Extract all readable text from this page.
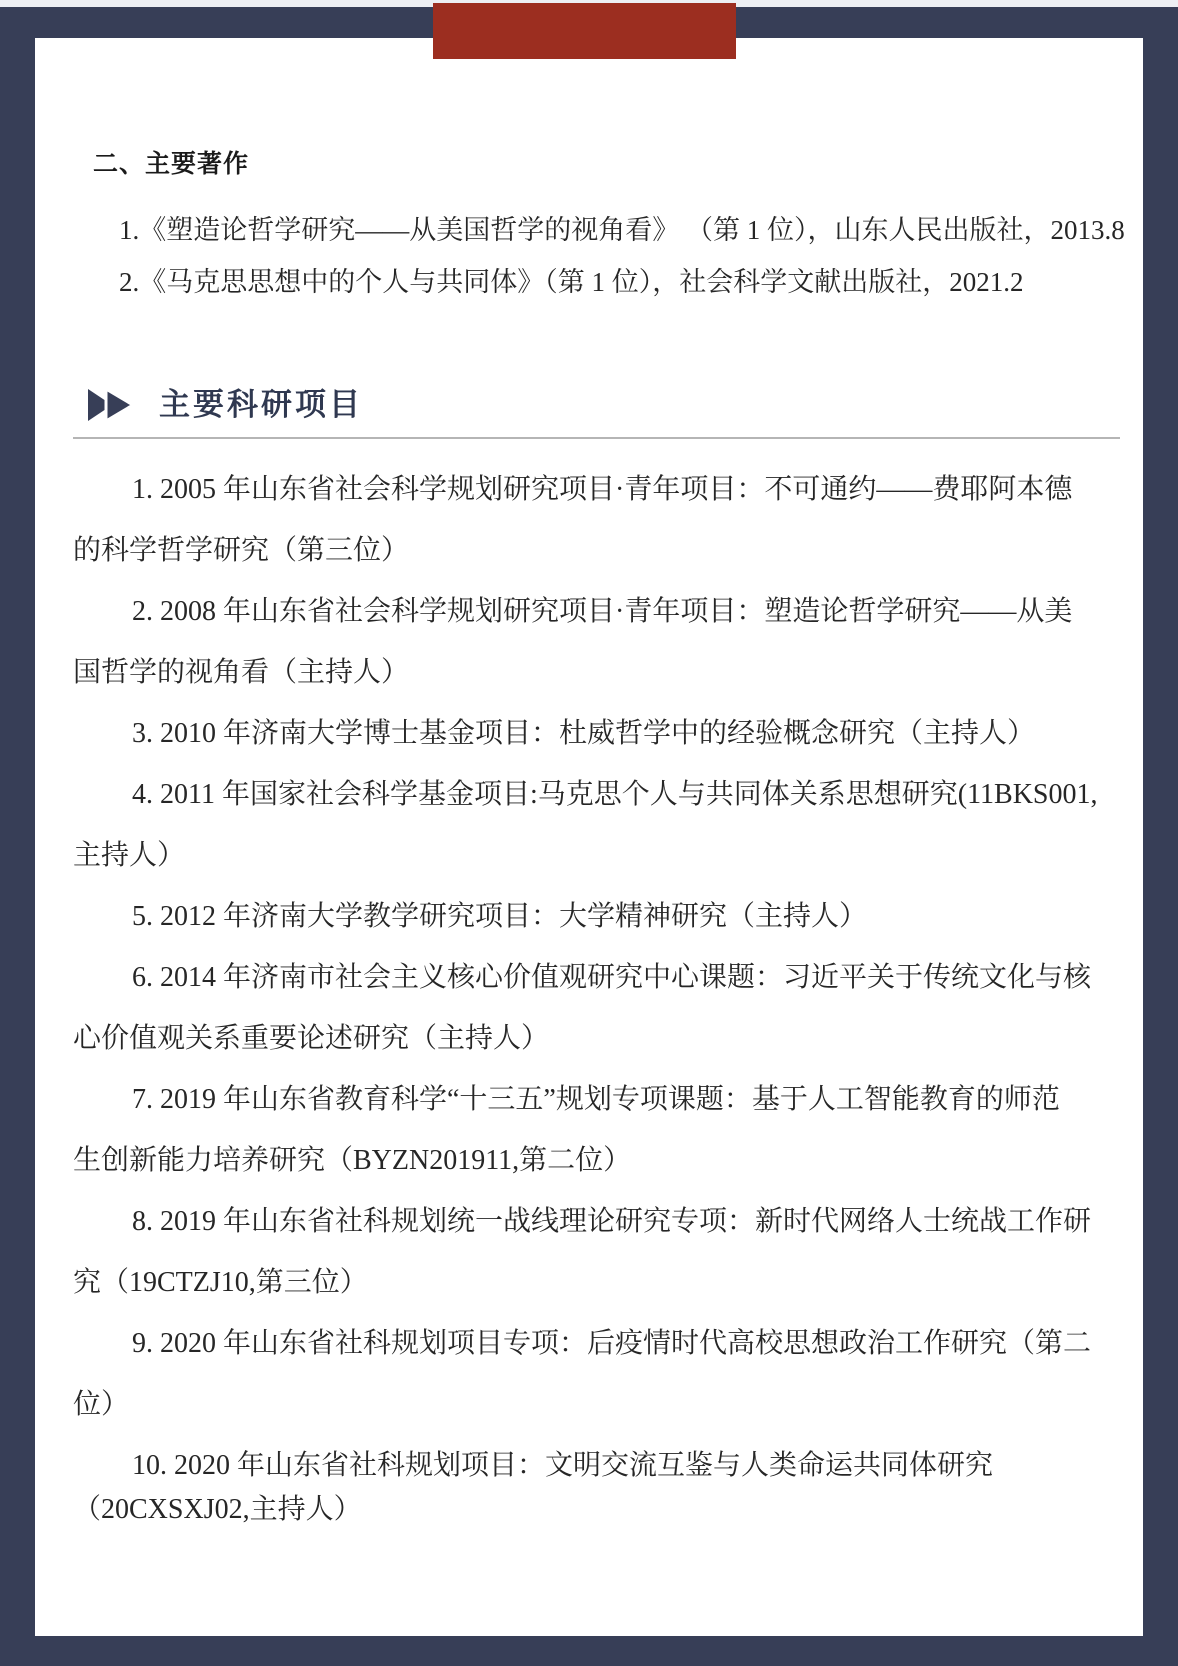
二、主要著作
1.《塑造论哲学研究——从美国哲学的视角看》 （第 1 位），山东人民出版社，2013.8
2.《马克思思想中的个人与共同体》（第 1 位），社会科学文献出版社，2021.2
主要科研项目
1. 2005 年山东省社会科学规划研究项目·青年项目：不可通约——费耶阿本德
的科学哲学研究（第三位）
2. 2008 年山东省社会科学规划研究项目·青年项目：塑造论哲学研究——从美
国哲学的视角看（主持人）
3. 2010 年济南大学博士基金项目：杜威哲学中的经验概念研究（主持人）
4. 2011 年国家社会科学基金项目:马克思个人与共同体关系思想研究(11BKS001,
主持人）
5. 2012 年济南大学教学研究项目：大学精神研究（主持人）
6. 2014 年济南市社会主义核心价值观研究中心课题：习近平关于传统文化与核
心价值观关系重要论述研究（主持人）
7. 2019 年山东省教育科学“十三五”规划专项课题：基于人工智能教育的师范
生创新能力培养研究（BYZN201911,第二位）
8. 2019 年山东省社科规划统一战线理论研究专项：新时代网络人士统战工作研
究（19CTZJ10,第三位）
9. 2020 年山东省社科规划项目专项：后疫情时代高校思想政治工作研究（第二
位）
10. 2020 年山东省社科规划项目：文明交流互鉴与人类命运共同体研究
（20CXSXJ02,主持人）
